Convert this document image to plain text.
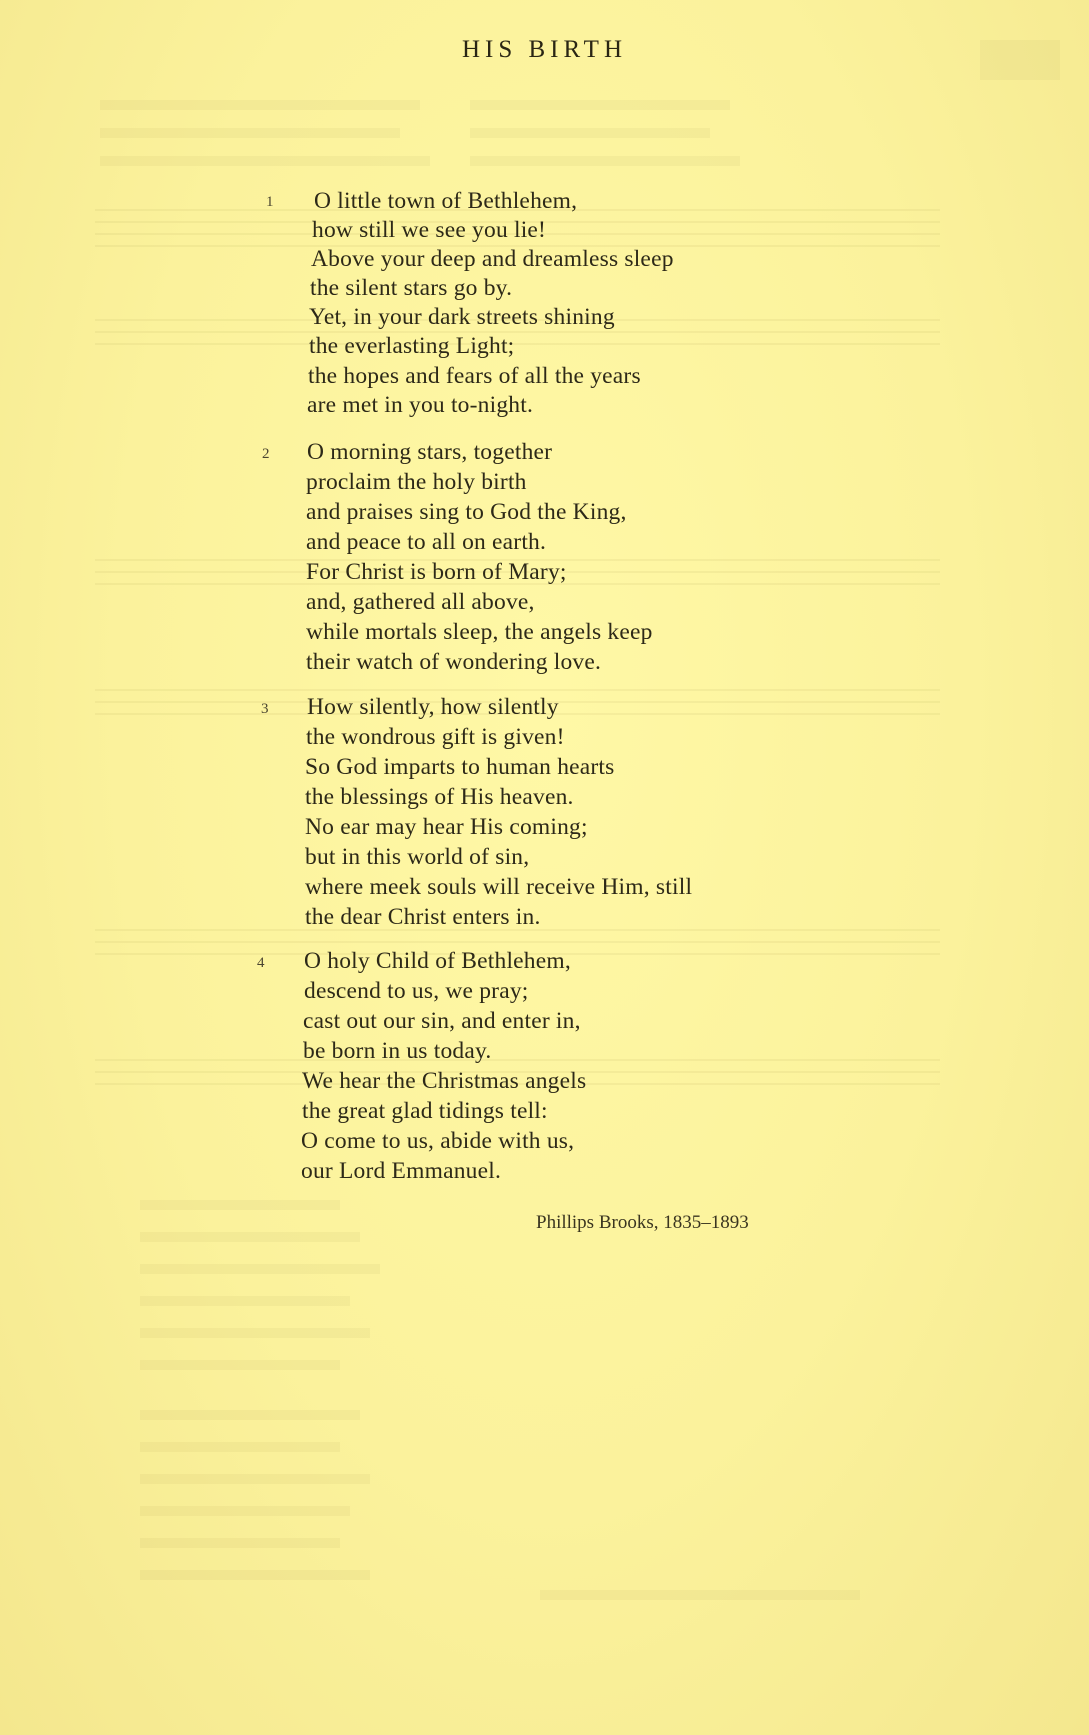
HIS BIRTH
1 O little town of Bethlehem,
how still we see you lie!
Above your deep and dreamless sleep
the silent stars go by.
Yet, in your dark streets shining
the everlasting Light;
the hopes and fears of all the years
are met in you to-night.
2 O morning stars, together
proclaim the holy birth
and praises sing to God the King,
and peace to all on earth.
For Christ is born of Mary;
and, gathered all above,
while mortals sleep, the angels keep
their watch of wondering love.
3 How silently, how silently
the wondrous gift is given!
So God imparts to human hearts
the blessings of His heaven.
No ear may hear His coming;
but in this world of sin,
where meek souls will receive Him, still
the dear Christ enters in.
4 O holy Child of Bethlehem,
descend to us, we pray;
cast out our sin, and enter in,
be born in us today.
We hear the Christmas angels
the great glad tidings tell:
O come to us, abide with us,
our Lord Emmanuel.
Phillips Brooks, 1835–1893
